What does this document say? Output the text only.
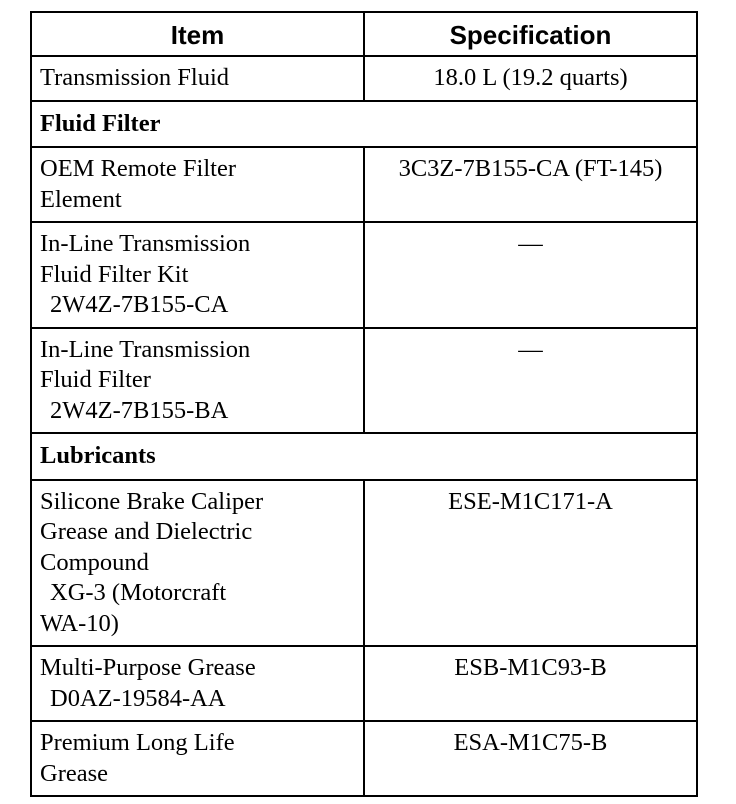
Item	Specification

Transmission Fluid	18.0 L (19.2 quarts)
Fluid Filter	

OEM Remote Filter
Element	3C3Z-7B155-CA (FT-145)

In-Line Transmission
Fluid Filter Kit
2W4Z-7B155-CA	—

In-Line Transmission
Fluid Filter
2W4Z-7B155-BA	—
Lubricants	

Silicone Brake Caliper
Grease and Dielectric
Compound
XG-3 (Motorcraft
WA-10)	ESE-M1C171-A

Multi-Purpose Grease
D0AZ-19584-AA	ESB-M1C93-B

Premium Long Life
Grease	ESA-M1C75-B
